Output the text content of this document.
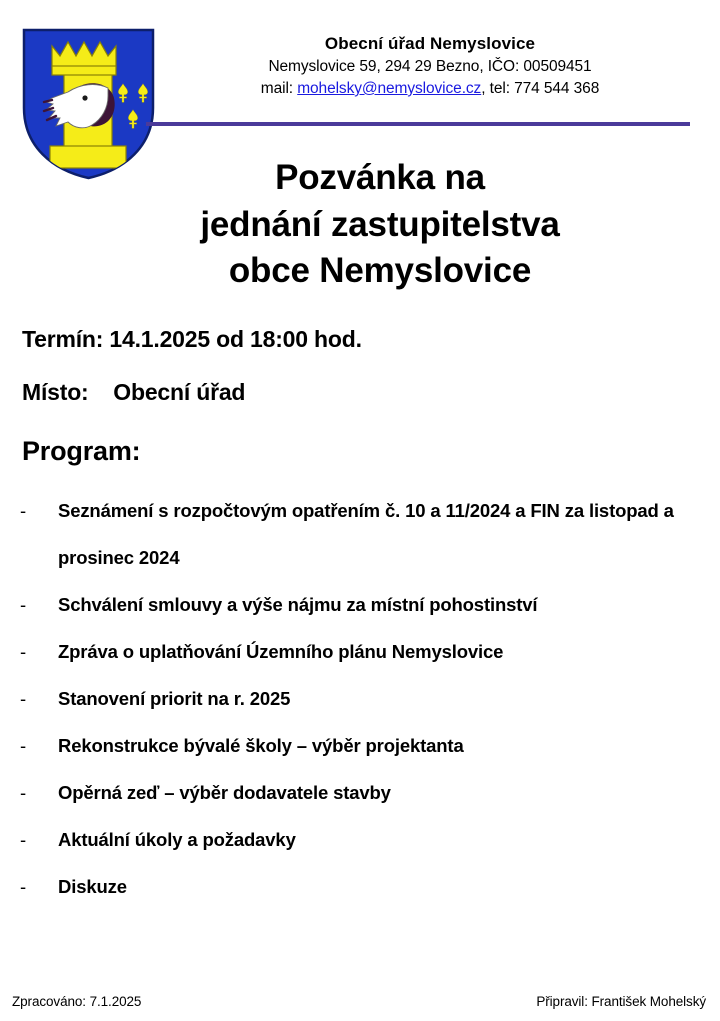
Obecní úřad Nemyslovice
Nemyslovice 59, 294 29 Bezno, IČO: 00509451
mail: mohelsky@nemyslovice.cz, tel: 774 544 368
Pozvánka na
jednání zastupitelstva
obce Nemyslovice
Termín: 14.1.2025 od 18:00 hod.
Místo:    Obecní úřad
Program:
- Seznámení s rozpočtovým opatřením č. 10 a 11/2024 a FIN za listopad a prosinec 2024
- Schválení smlouvy a výše nájmu za místní pohostinství
- Zpráva o uplatňování Územního plánu Nemyslovice
- Stanovení priorit na r. 2025
- Rekonstrukce bývalé školy – výběr projektanta
- Opěrná zeď – výběr dodavatele stavby
- Aktuální úkoly a požadavky
- Diskuze
Zpracováno: 7.1.2025	Připravil: František Mohelský
